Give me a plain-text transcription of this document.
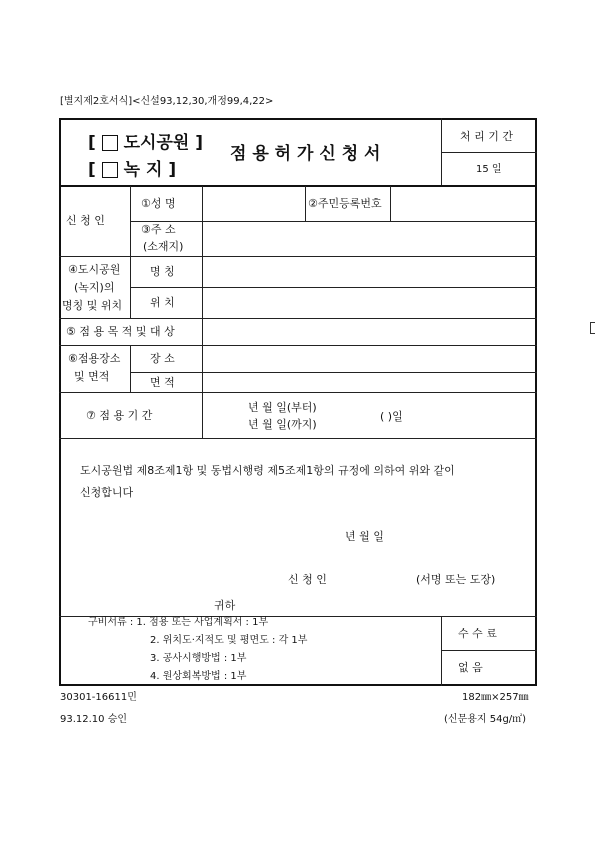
[별지제2호서식]<신설93,12,30,개정99,4,22>
[ 도시공원 ]
[ 녹 지 ]
점 용 허 가 신 청 서
처 리 기 간
15 일
신 청 인
①성 명	②주민등록번호
③주 소
(소재지)
④도시공원
(녹지)의
명칭 및 위치
명 칭
위 치
⑤ 점 용 목 적 및 대 상
⑥점용장소
및 면적
장 소
면 적
⑦ 점 용 기 간
년 월 일(부터)
년 월 일(까지)
( )일
도시공원법 제8조제1항 및 동법시행령 제5조제1항의 규정에 의하여 위와 같이
신청합니다
년 월 일
신 청 인	(서명 또는 도장)
귀하
구비서류 : 1. 점용 또는 사업계획서 : 1부
2. 위치도·지적도 및 평면도 : 각 1부
3. 공사시행방법 : 1부
4. 원상회복방법 : 1부
수 수 료
없 음
30301-16611민
93.12.10 승인
182㎜×257㎜
(신문용지 54g/㎡)
